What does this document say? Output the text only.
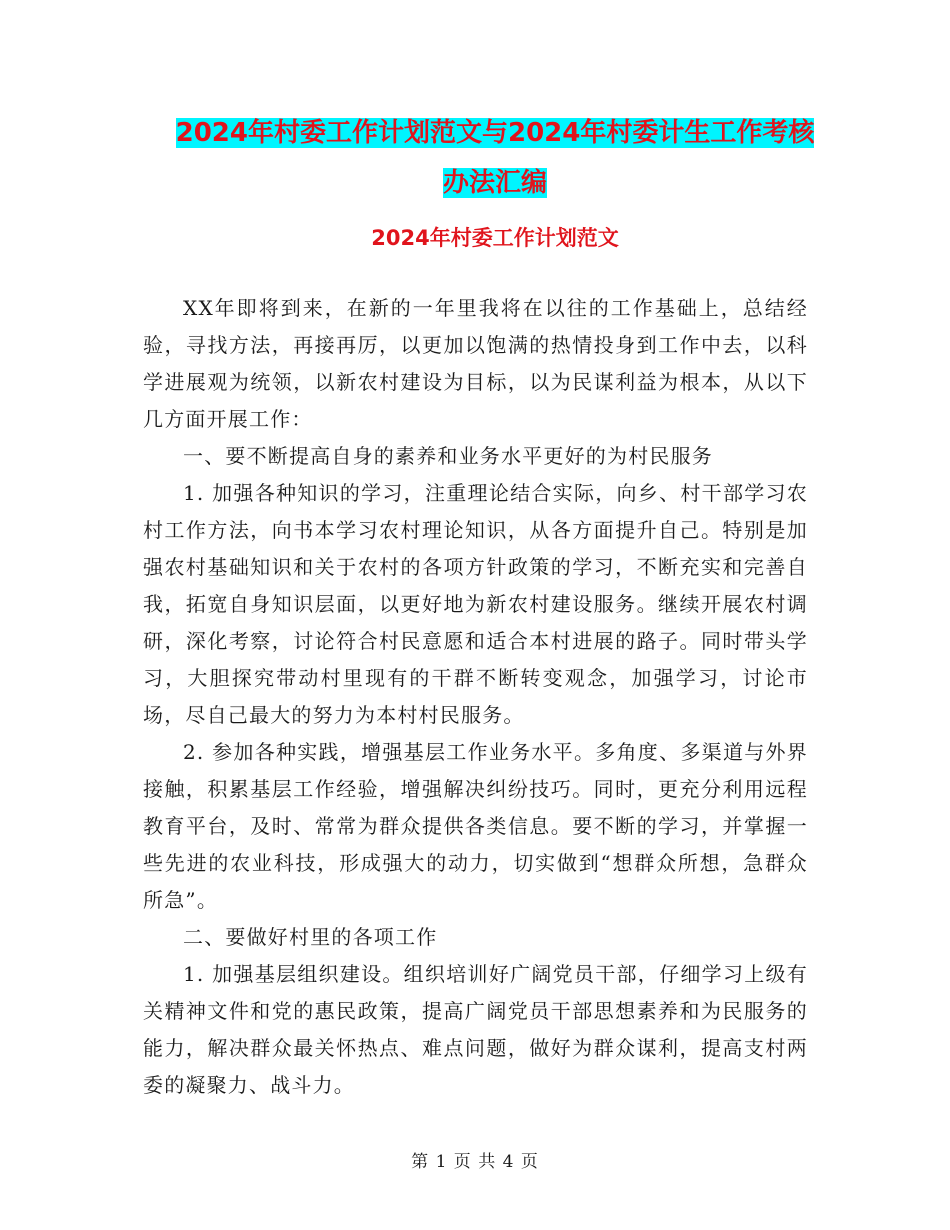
2024年村委工作计划范文与2024年村委计生工作考核
办法汇编
2024年村委工作计划范文

XX年即将到来，在新的一年里我将在以往的工作基础上，总结经验，寻找方法，再接再厉，以更加以饱满的热情投身到工作中去，以科学进展观为统领，以新农村建设为目标，以为民谋利益为根本，从以下几方面开展工作：

一、要不断提高自身的素养和业务水平更好的为村民服务

1. 加强各种知识的学习，注重理论结合实际，向乡、村干部学习农村工作方法，向书本学习农村理论知识，从各方面提升自己。特别是加强农村基础知识和关于农村的各项方针政策的学习，不断充实和完善自我，拓宽自身知识层面，以更好地为新农村建设服务。继续开展农村调研，深化考察，讨论符合村民意愿和适合本村进展的路子。同时带头学习，大胆探究带动村里现有的干群不断转变观念，加强学习，讨论市场，尽自己最大的努力为本村村民服务。

2. 参加各种实践，增强基层工作业务水平。多角度、多渠道与外界接触，积累基层工作经验，增强解决纠纷技巧。同时，更充分利用远程教育平台，及时、常常为群众提供各类信息。要不断的学习，并掌握一些先进的农业科技，形成强大的动力，切实做到“想群众所想，急群众所急”。

二、要做好村里的各项工作

1. 加强基层组织建设。组织培训好广阔党员干部，仔细学习上级有关精神文件和党的惠民政策，提高广阔党员干部思想素养和为民服务的能力，解决群众最关怀热点、难点问题，做好为群众谋利，提高支村两委的凝聚力、战斗力。

第 1 页 共 4 页
